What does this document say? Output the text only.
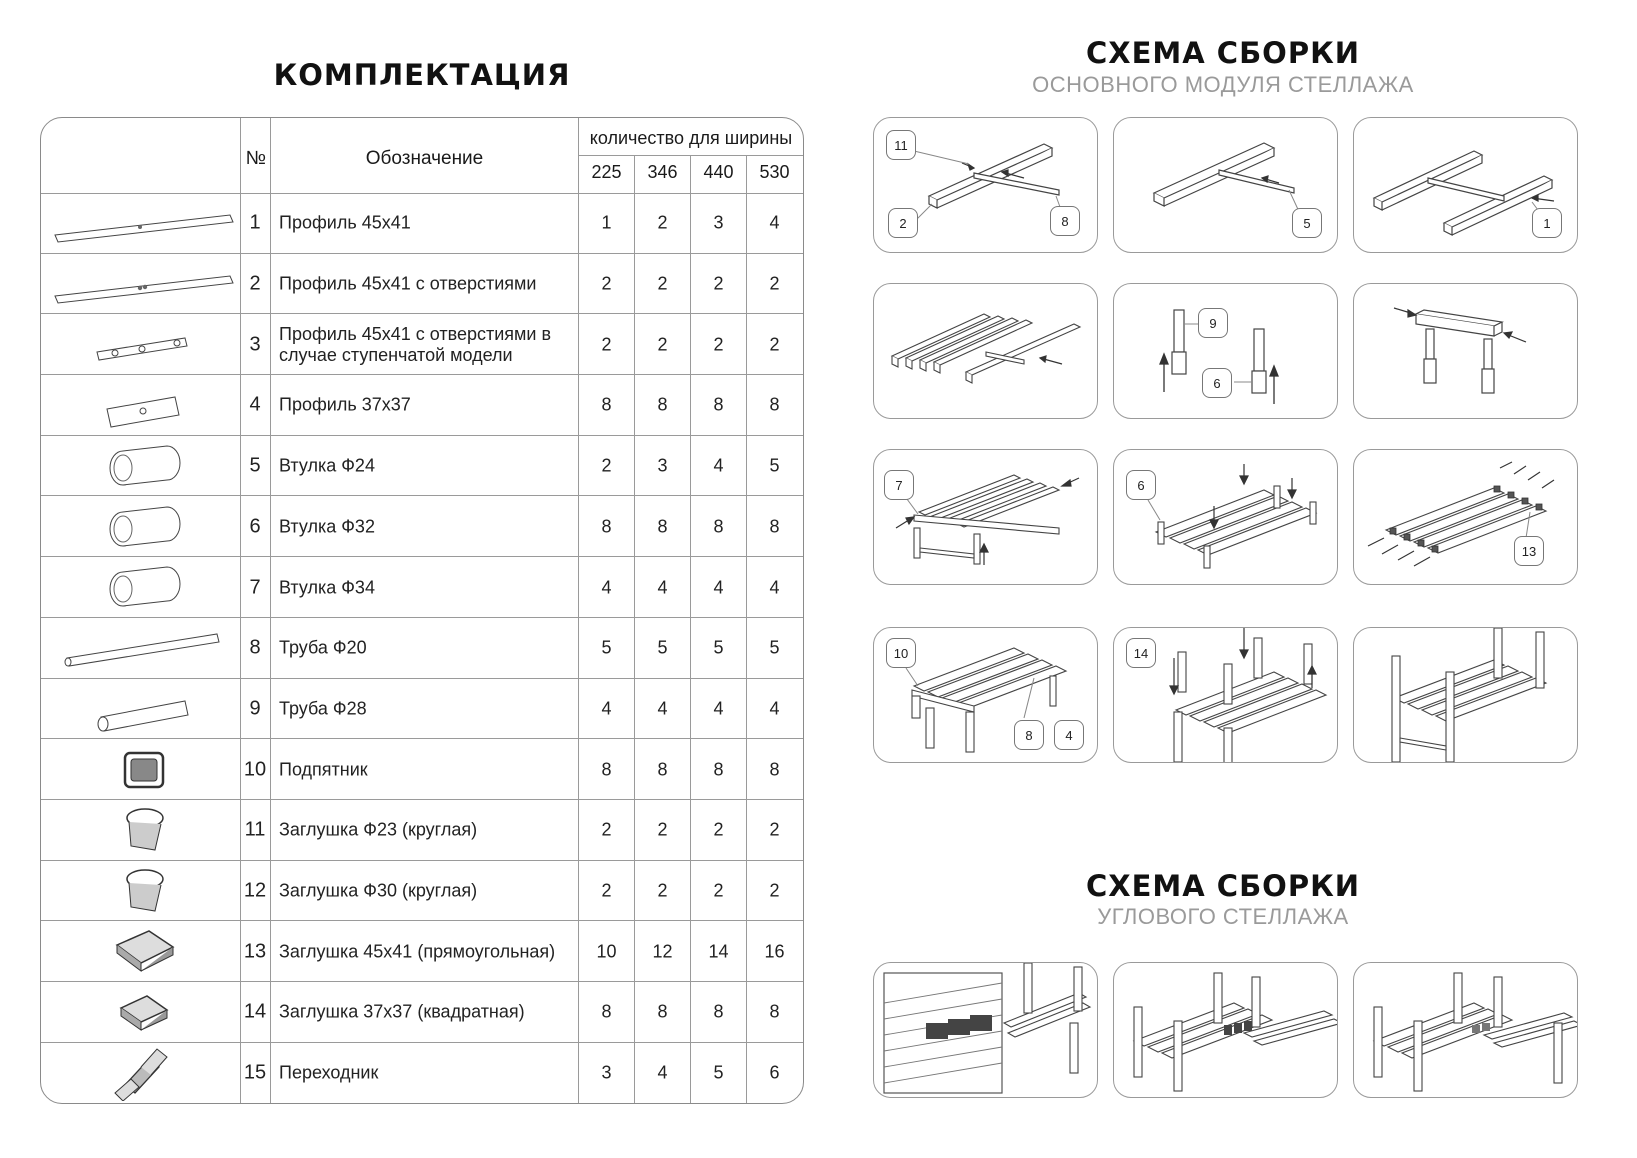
КОМПЛЕКТАЦИЯ
№	Обозначение
количество для ширины
225	346	440	530
1	Профиль 45х41	1	2	3	4
2	Профиль 45х41 с отверстиями	2	2	2	2
3	Профиль 45х41 с отверстиями в случае ступенчатой модели
2	2	2	2
4	Профиль 37х37	8	8	8	8
5	Втулка Ф24	2	3	4	5
6	Втулка Ф32	8	8	8	8
7	Втулка Ф34	4	4	4	4
8	Труба Ф20	5	5	5	5
9	Труба Ф28	4	4	4	4
10 Подпятник	8	8	8	8
11 Заглушка Ф23 (круглая)	2	2	2	2
12 Заглушка Ф30 (круглая)	2	2	2	2
13 Заглушка 45х41 (прямоугольная)	10	12	14	16
14 Заглушка 37х37 (квадратная)	8	8	8	8
15 Переходник	3	4	5	6
СХЕМА СБОРКИ
ОСНОВНОГО МОДУЛЯ СТЕЛЛАЖА
СХЕМА СБОРКИ
УГЛОВОГО СТЕЛЛАЖА
11
2	8	5	1
9
6
7	6
13
10
8	4
14
